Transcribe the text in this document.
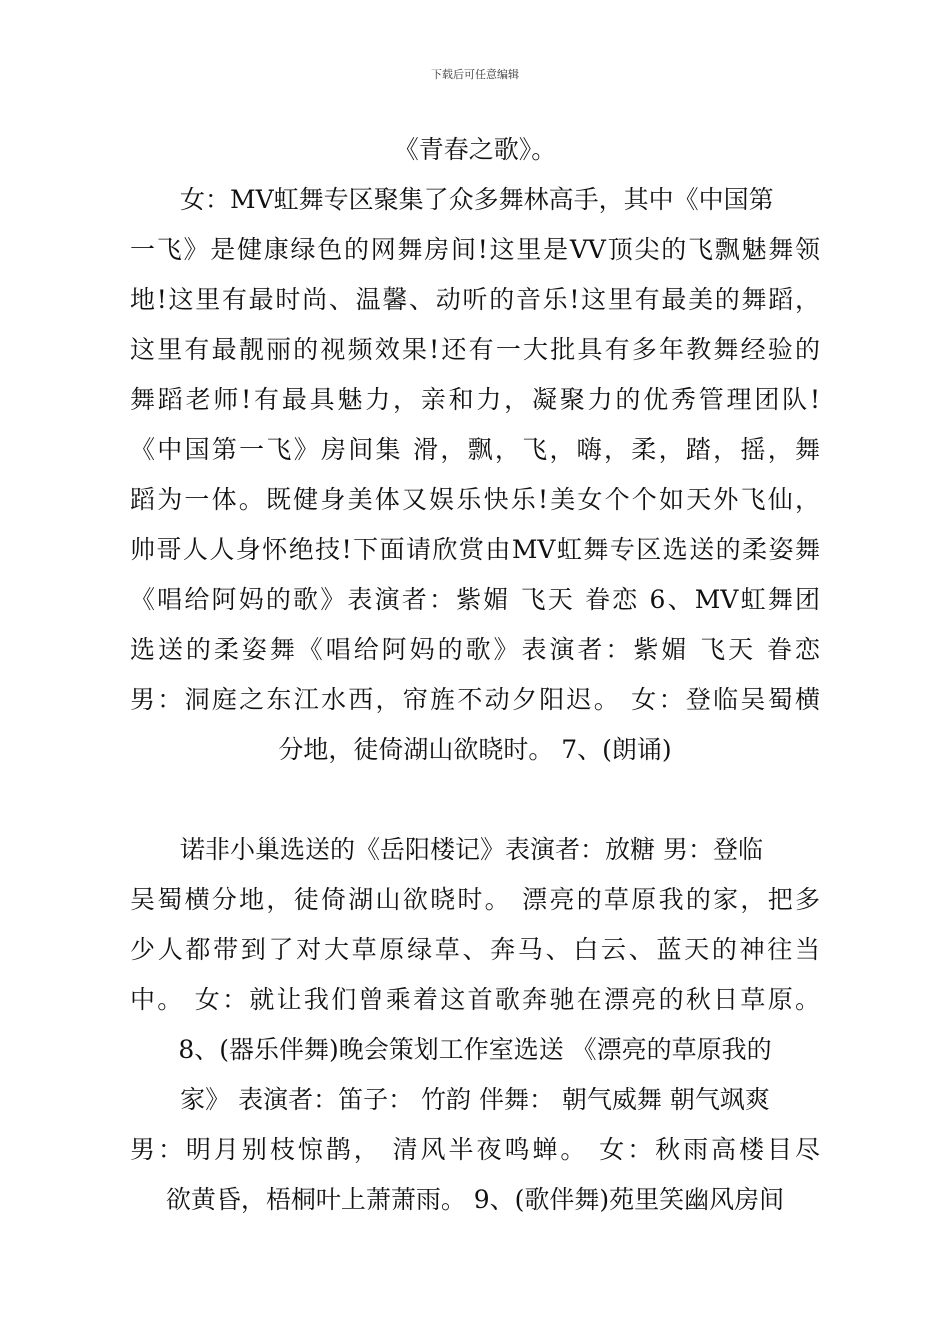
下载后可任意编辑
《青春之歌》。
女：MV虹舞专区聚集了众多舞林高手，其中《中国第
一飞》是健康绿色的网舞房间!这里是VV顶尖的飞飘魅舞领
地!这里有最时尚、温馨、动听的音乐!这里有最美的舞蹈，
这里有最靓丽的视频效果!还有一大批具有多年教舞经验的
舞蹈老师!有最具魅力，亲和力，凝聚力的优秀管理团队!
《中国第一飞》房间集 滑，飘，飞，嗨，柔，踏，摇，舞
蹈为一体。既健身美体又娱乐快乐!美女个个如天外飞仙，
帅哥人人身怀绝技!下面请欣赏由MV虹舞专区选送的柔姿舞
《唱给阿妈的歌》表演者：紫媚 飞天 眷恋 6、MV虹舞团
选送的柔姿舞《唱给阿妈的歌》表演者：紫媚 飞天 眷恋
男：洞庭之东江水西，帘旌不动夕阳迟。 女：登临吴蜀横
分地，徒倚湖山欲晓时。 7、(朗诵)
诺非小巢选送的《岳阳楼记》表演者：放糖 男：登临
吴蜀横分地，徒倚湖山欲晓时。 漂亮的草原我的家，把多
少人都带到了对大草原绿草、奔马、白云、蓝天的神往当
中。 女：就让我们曾乘着这首歌奔驰在漂亮的秋日草原。
8、(器乐伴舞)晚会策划工作室选送 《漂亮的草原我的
家》 表演者：笛子： 竹韵 伴舞： 朝气威舞 朝气飒爽
男：明月别枝惊鹊， 清风半夜鸣蝉。 女：秋雨高楼目尽
欲黄昏，梧桐叶上萧萧雨。 9、(歌伴舞)苑里笑幽风房间
